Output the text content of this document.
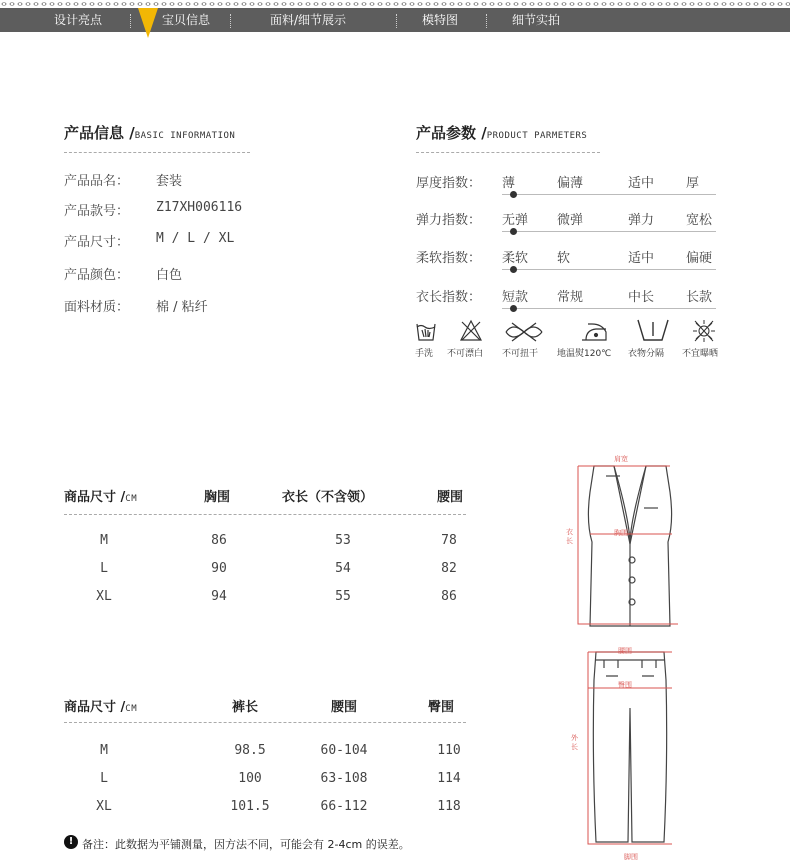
设计亮点	宝贝信息	面料/细节展示	模特图	细节实拍
产品信息 /BASIC INFORMATION
产品品名： 套装
产品款号： Z17XH006116
产品尺寸： M / L / XL
产品颜色： 白色
面料材质： 棉 / 粘纤
产品参数 /PRODUCT PARMETERS
厚度指数： 薄	偏薄	适中 厚
弹力指数： 无弹 微弹	弹力 宽松
柔软指数： 柔软 软	适中 偏硬
衣长指数： 短款 常规	中长 长款
手洗 不可漂白 不可扭干 地温熨120℃ 衣物分隔 不宜曝晒
商品尺寸 /CM	胸围	衣长（不含领）	腰围
M	86	53	78
L	90	54	82
XL	94	55	86
商品尺寸 /CM	裤长	腰围	臀围
M	98.5	60-104	110
L	100	63-108	114
XL	101.5	66-112	118
! 备注：此数据为平铺测量，因方法不同，可能会有 2-4cm 的误差。
肩宽
胸围
衣长
腰围
臀围
外长
脚围
